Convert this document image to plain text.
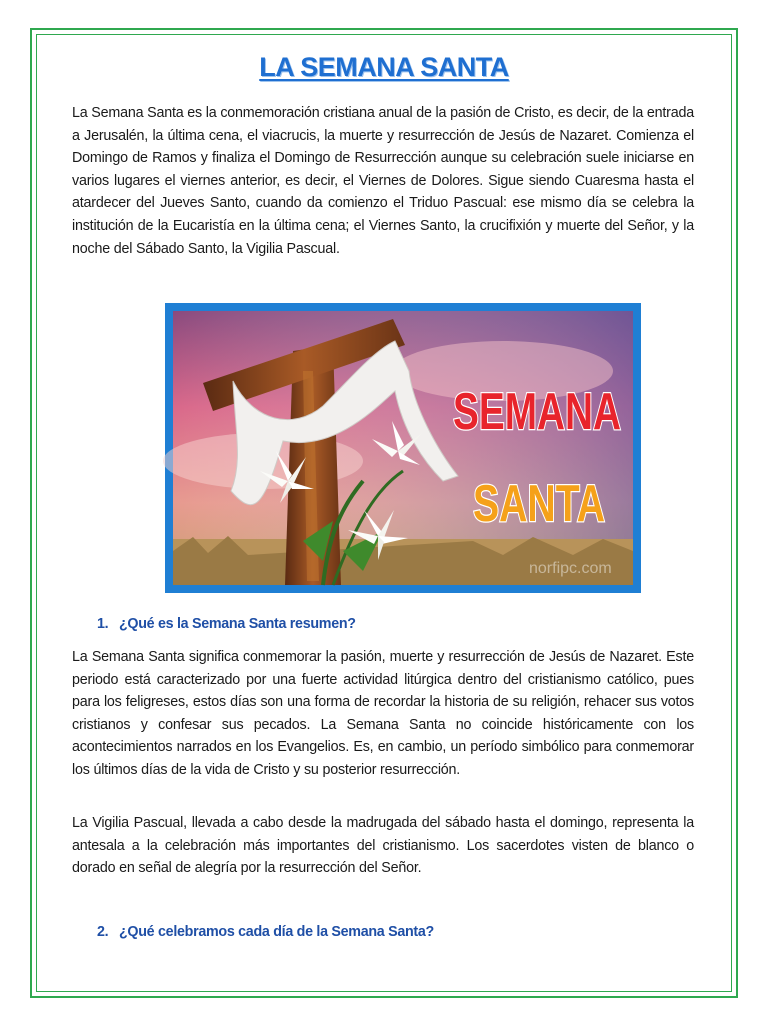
LA SEMANA SANTA

La Semana Santa es la conmemoración cristiana anual de la pasión de Cristo, es decir, de la entrada a Jerusalén, la última cena, el viacrucis, la muerte y resurrección de Jesús de Nazaret. Comienza el Domingo de Ramos y finaliza el Domingo de Resurrección aunque su celebración suele iniciarse en varios lugares el viernes anterior, es decir, el Viernes de Dolores. Sigue siendo Cuaresma hasta el atardecer del Jueves Santo, cuando da comienzo el Triduo Pascual: ese mismo día se celebra la institución de la Eucaristía en la última cena; el Viernes Santo, la crucifixión y muerte del Señor, y la noche del Sábado Santo, la Vigilia Pascual.

SEMANA
SANTA
norfipc.com
1. ¿Qué es la Semana Santa resumen?

La Semana Santa significa conmemorar la pasión, muerte y resurrección de Jesús de Nazaret. Este periodo está caracterizado por una fuerte actividad litúrgica dentro del cristianismo católico, pues para los feligreses, estos días son una forma de recordar la historia de su religión, rehacer sus votos cristianos y confesar sus pecados. La Semana Santa no coincide históricamente con los acontecimientos narrados en los Evangelios. Es, en cambio, un período simbólico para conmemorar los últimos días de la vida de Cristo y su posterior resurrección.

La Vigilia Pascual, llevada a cabo desde la madrugada del sábado hasta el domingo, representa la antesala a la celebración más importantes del cristianismo. Los sacerdotes visten de blanco o dorado en señal de alegría por la resurrección del Señor.

2. ¿Qué celebramos cada día de la Semana Santa?
